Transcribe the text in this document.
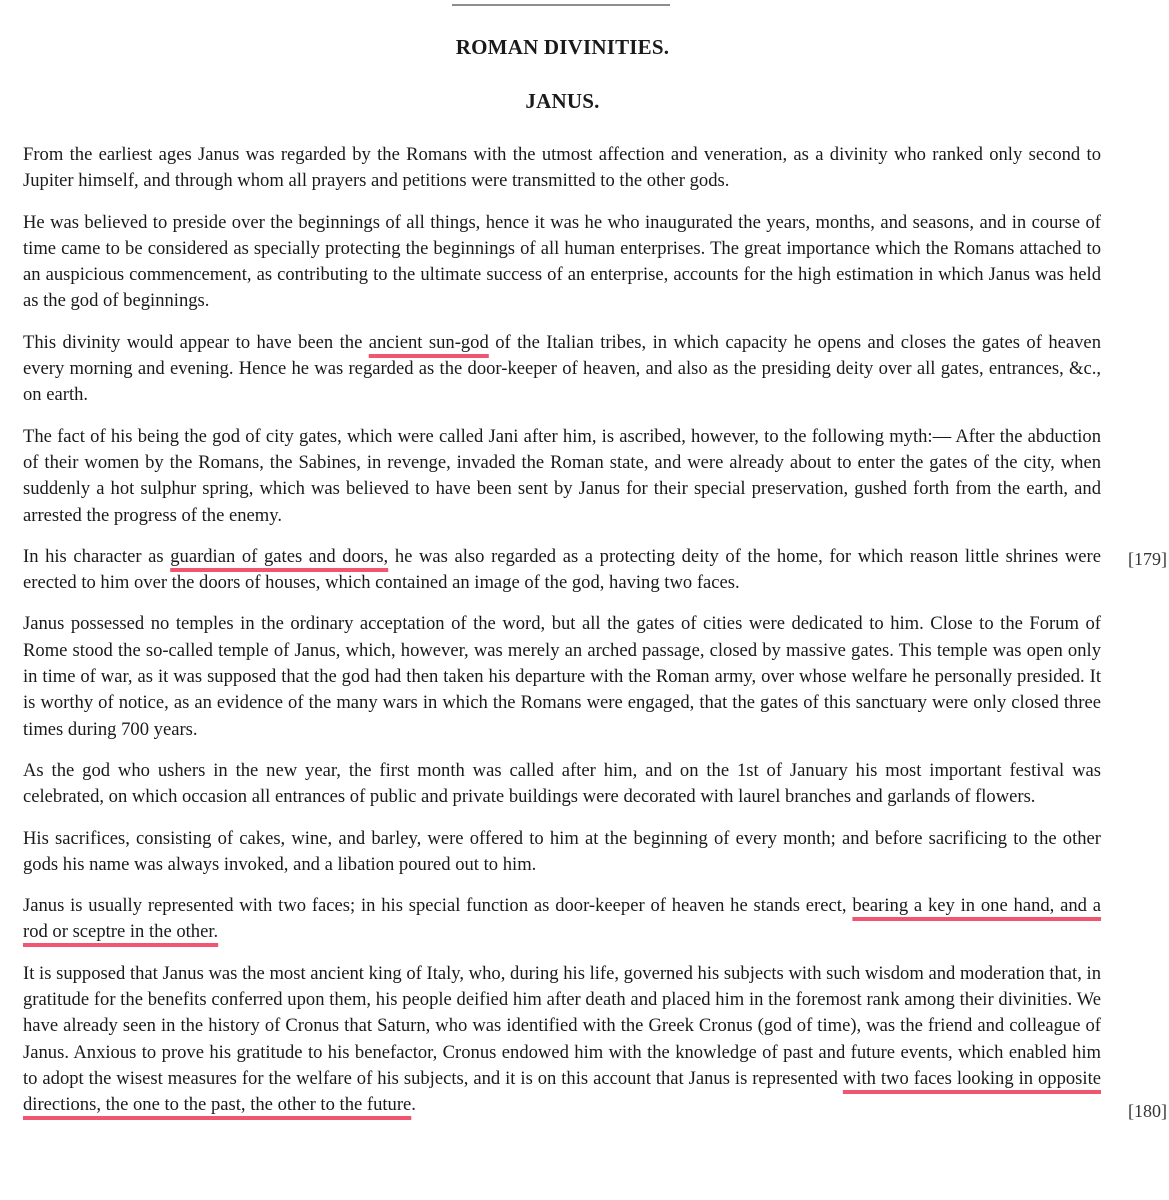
ROMAN DIVINITIES.
JANUS.

From the earliest ages Janus was regarded by the Romans with the utmost affection and veneration, as a divinity who ranked only second to Jupiter himself, and through whom all prayers and petitions were transmitted to the other gods.

He was believed to preside over the beginnings of all things, hence it was he who inaugurated the years, months, and seasons, and in course of time came to be considered as specially protecting the beginnings of all human enterprises. The great importance which the Romans attached to an auspicious commencement, as contributing to the ultimate success of an enterprise, accounts for the high estimation in which Janus was held as the god of beginnings.

This divinity would appear to have been the ancient sun-god of the Italian tribes, in which capacity he opens and closes the gates of heaven every morning and evening. Hence he was regarded as the door-keeper of heaven, and also as the presiding deity over all gates, entrances, &c., on earth.

The fact of his being the god of city gates, which were called Jani after him, is ascribed, however, to the following myth:— After the abduction of their women by the Romans, the Sabines, in revenge, invaded the Roman state, and were already about to enter the gates of the city, when suddenly a hot sulphur spring, which was believed to have been sent by Janus for their special preservation, gushed forth from the earth, and arrested the progress of the enemy.

In his character as guardian of gates and doors, he was also regarded as a protecting deity of the home, for which reason little shrines were erected to him over the doors of houses, which contained an image of the god, having two faces.

Janus possessed no temples in the ordinary acceptation of the word, but all the gates of cities were dedicated to him. Close to the Forum of Rome stood the so-called temple of Janus, which, however, was merely an arched passage, closed by massive gates. This temple was open only in time of war, as it was supposed that the god had then taken his departure with the Roman army, over whose welfare he personally presided. It is worthy of notice, as an evidence of the many wars in which the Romans were engaged, that the gates of this sanctuary were only closed three times during 700 years.

As the god who ushers in the new year, the first month was called after him, and on the 1st of January his most important festival was celebrated, on which occasion all entrances of public and private buildings were decorated with laurel branches and garlands of flowers.

His sacrifices, consisting of cakes, wine, and barley, were offered to him at the beginning of every month; and before sacrificing to the other gods his name was always invoked, and a libation poured out to him.

Janus is usually represented with two faces; in his special function as door-keeper of heaven he stands erect, bearing a key in one hand, and a rod or sceptre in the other.

It is supposed that Janus was the most ancient king of Italy, who, during his life, governed his subjects with such wisdom and moderation that, in gratitude for the benefits conferred upon them, his people deified him after death and placed him in the foremost rank among their divinities. We have already seen in the history of Cronus that Saturn, who was identified with the Greek Cronus (god of time), was the friend and colleague of Janus. Anxious to prove his gratitude to his benefactor, Cronus endowed him with the knowledge of past and future events, which enabled him to adopt the wisest measures for the welfare of his subjects, and it is on this account that Janus is represented with two faces looking in opposite directions, the one to the past, the other to the future.

[179]
[180]
